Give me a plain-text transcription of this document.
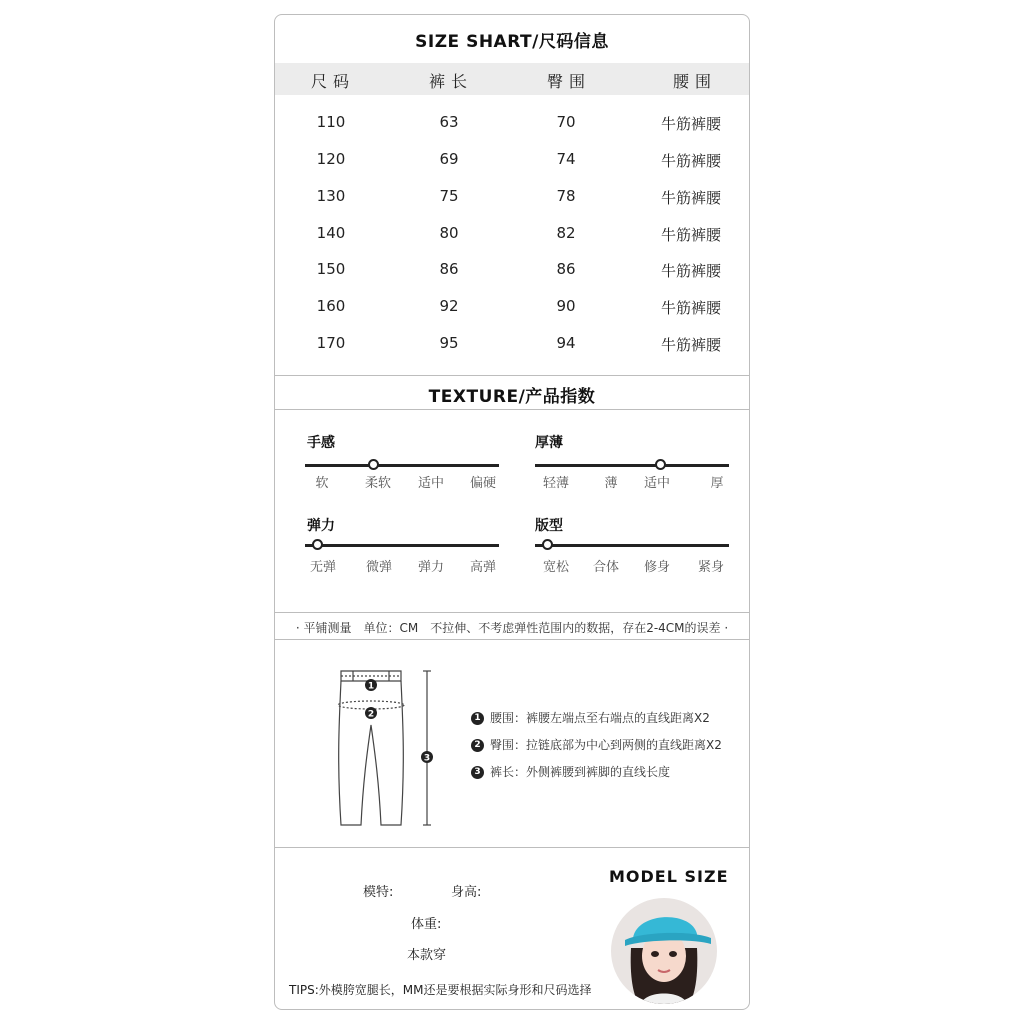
SIZE SHART/尺码信息
尺码	裤长	臀围	腰围
110	63	70	牛筋裤腰
120	69	74	牛筋裤腰
130	75	78	牛筋裤腰
140	80	82	牛筋裤腰
150	86	86	牛筋裤腰
160	92	90	牛筋裤腰
170	95	94	牛筋裤腰
TEXTURE/产品指数
手感
软	柔软 适中 偏硬
厚薄
轻薄	薄 适中	厚
弹力
无弹 微弹 弹力 高弹
版型
宽松 合体 修身 紧身
· 平铺测量　单位：CM　不拉伸、不考虑弹性范围内的数据，存在2-4CM的误差 ·
1
2
3
1 腰围：裤腰左端点至右端点的直线距离X2
2 臀围：拉链底部为中心到两侧的直线距离X2
3 裤长：外侧裤腰到裤脚的直线长度
模特:	身高:
体重:
本款穿
MODEL SIZE
TIPS:外模胯宽腿长，MM还是要根据实际身形和尺码选择
